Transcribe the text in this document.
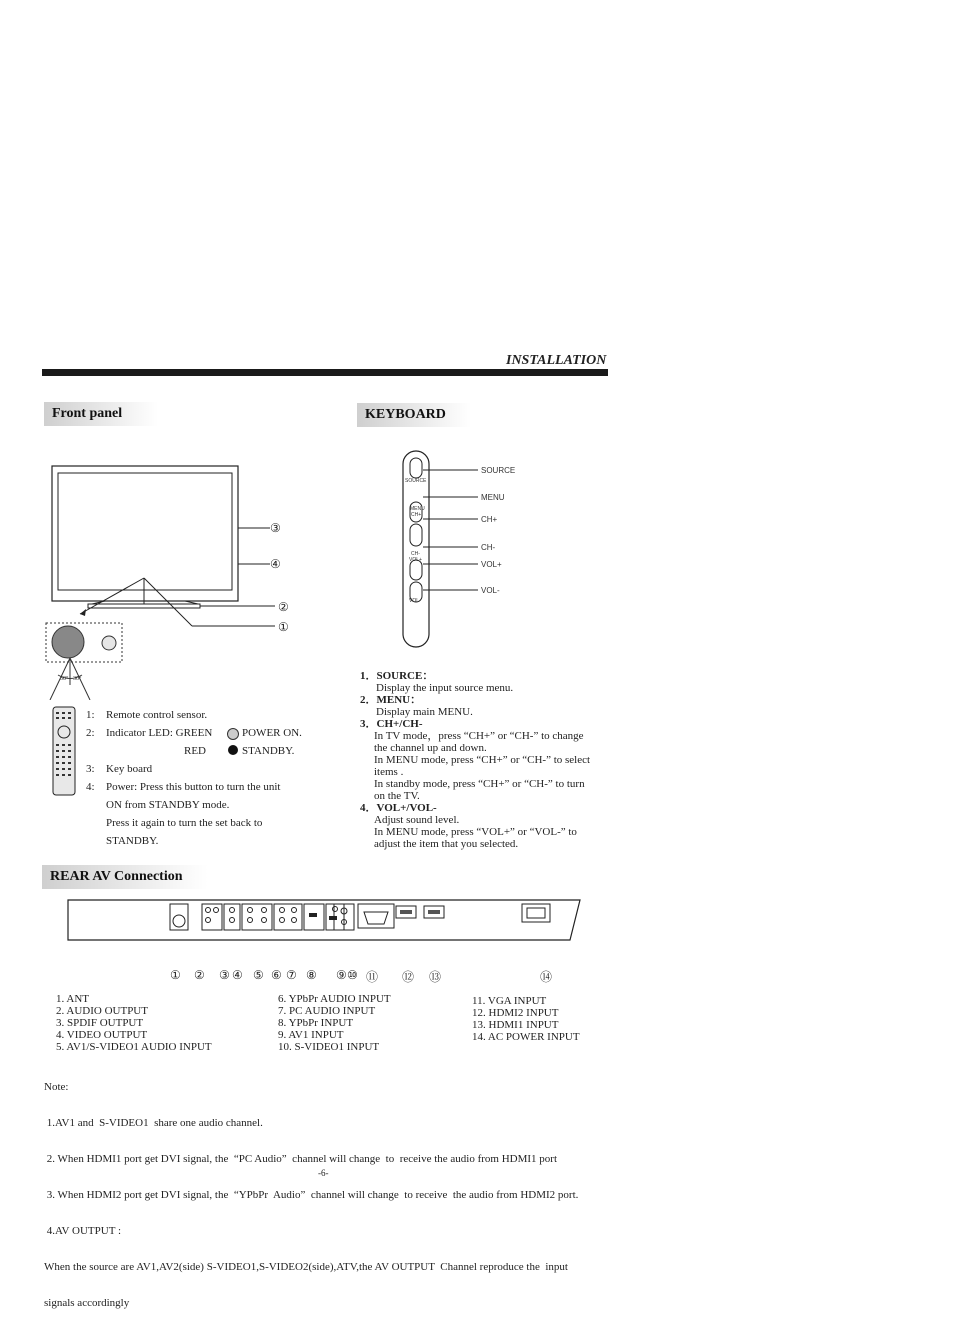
INSTALLATION
Front panel	KEYBOARD
REAR AV Connection
③
④
②
①
30° 30°
1: Remote control sensor.
2: Indicator LED: GREEN	POWER ON.
RED	STANDBY.
3: Key board
4: Power: Press this button to turn the unit
ON from STANDBY mode.
Press it again to turn the set back to
STANDBY.
SOURCE
MENU
CH+
CH-
VOL+
VOL-
SOURCE
MENU
CH+
CH-
VOL+
VOL-
1．SOURCE：
Display the input source menu.
2．MENU：
Display main MENU.
3．CH+/CH-
In TV mode，press “CH+” or “CH-” to change
the channel up and down.
In MENU mode, press “CH+” or “CH-” to select
items .
In standby mode, press “CH+” or “CH-” to turn
on the TV.
4．VOL+/VOL-
Adjust sound level.
In MENU mode, press “VOL+” or “VOL-” to
adjust the item that you selected.
① ② ③ ④ ⑤ ⑥ ⑦ ⑧ ⑨ ⑩ ⑪ ⑫ ⑬	⑭
1. ANT
2. AUDIO OUTPUT
3. SPDIF OUTPUT
4. VIDEO OUTPUT
5. AV1/S-VIDEO1 AUDIO INPUT
6. YPbPr AUDIO INPUT
7. PC AUDIO INPUT
8. YPbPr INPUT
9. AV1 INPUT
10. S-VIDEO1 INPUT
11. VGA INPUT
12. HDMI2 INPUT
13. HDMI1 INPUT
14. AC POWER INPUT

Note:

1.AV1 and  S-VIDEO1  share one audio channel.

2. When HDMI1 port get DVI signal, the  “PC Audio”  channel will change  to  receive the audio from HDMI1 port

3. When HDMI2 port get DVI signal, the  “YPbPr  Audio”  channel will change  to receive  the audio from HDMI2 port.

4.AV OUTPUT :

When the source are AV1,AV2(side) S-VIDEO1,S-VIDEO2(side),ATV,the AV OUTPUT  Channel reproduce the  input

signals accordingly

-6-
